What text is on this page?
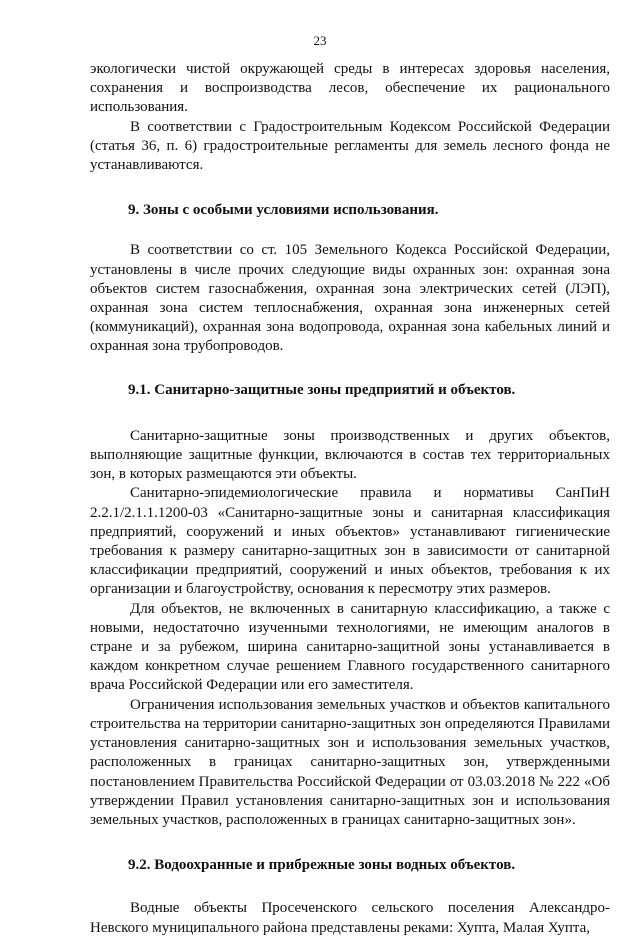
23

экологически чистой окружающей среды в интересах здоровья населения, сохранения и воспроизводства лесов, обеспечение их рационального использования.

В соответствии с Градостроительным Кодексом Российской Федерации (статья 36, п. 6) градостроительные регламенты для земель лесного фонда не устанавливаются.

9. Зоны с особыми условиями использования.

В соответствии со ст. 105 Земельного Кодекса Российской Федерации, установлены в числе прочих следующие виды охранных зон: охранная зона объектов систем газоснабжения, охранная зона электрических сетей (ЛЭП), охранная зона систем теплоснабжения, охранная зона инженерных сетей (коммуникаций), охранная зона водопровода, охранная зона кабельных линий и охранная зона трубопроводов.

9.1. Санитарно-защитные зоны предприятий и объектов.

Санитарно-защитные зоны производственных и других объектов, выполняющие защитные функции, включаются в состав тех территориальных зон, в которых размещаются эти объекты.

Санитарно-эпидемиологические правила и нормативы СанПиН 2.2.1/2.1.1.1200-03 «Санитарно-защитные зоны и санитарная классификация предприятий, сооружений и иных объектов» устанавливают гигиенические требования к размеру санитарно-защитных зон в зависимости от санитарной классификации предприятий, сооружений и иных объектов, требования к их организации и благоустройству, основания к пересмотру этих размеров.

Для объектов, не включенных в санитарную классификацию, а также с новыми, недостаточно изученными технологиями, не имеющим аналогов в стране и за рубежом, ширина санитарно-защитной зоны устанавливается в каждом конкретном случае решением Главного государственного санитарного врача Российской Федерации или его заместителя.

Ограничения использования земельных участков и объектов капитального строительства на территории санитарно-защитных зон определяются Правилами установления санитарно-защитных зон и использования земельных участков, расположенных в границах санитарно-защитных зон, утвержденными постановлением Правительства Российской Федерации от 03.03.2018 № 222 «Об утверждении Правил установления санитарно-защитных зон и использования земельных участков, расположенных в границах санитарно-защитных зон».

9.2. Водоохранные и прибрежные зоны водных объектов.

Водные объекты Просеченского сельского поселения Александро-Невского муниципального района представлены реками: Хупта, Малая Хупта,
